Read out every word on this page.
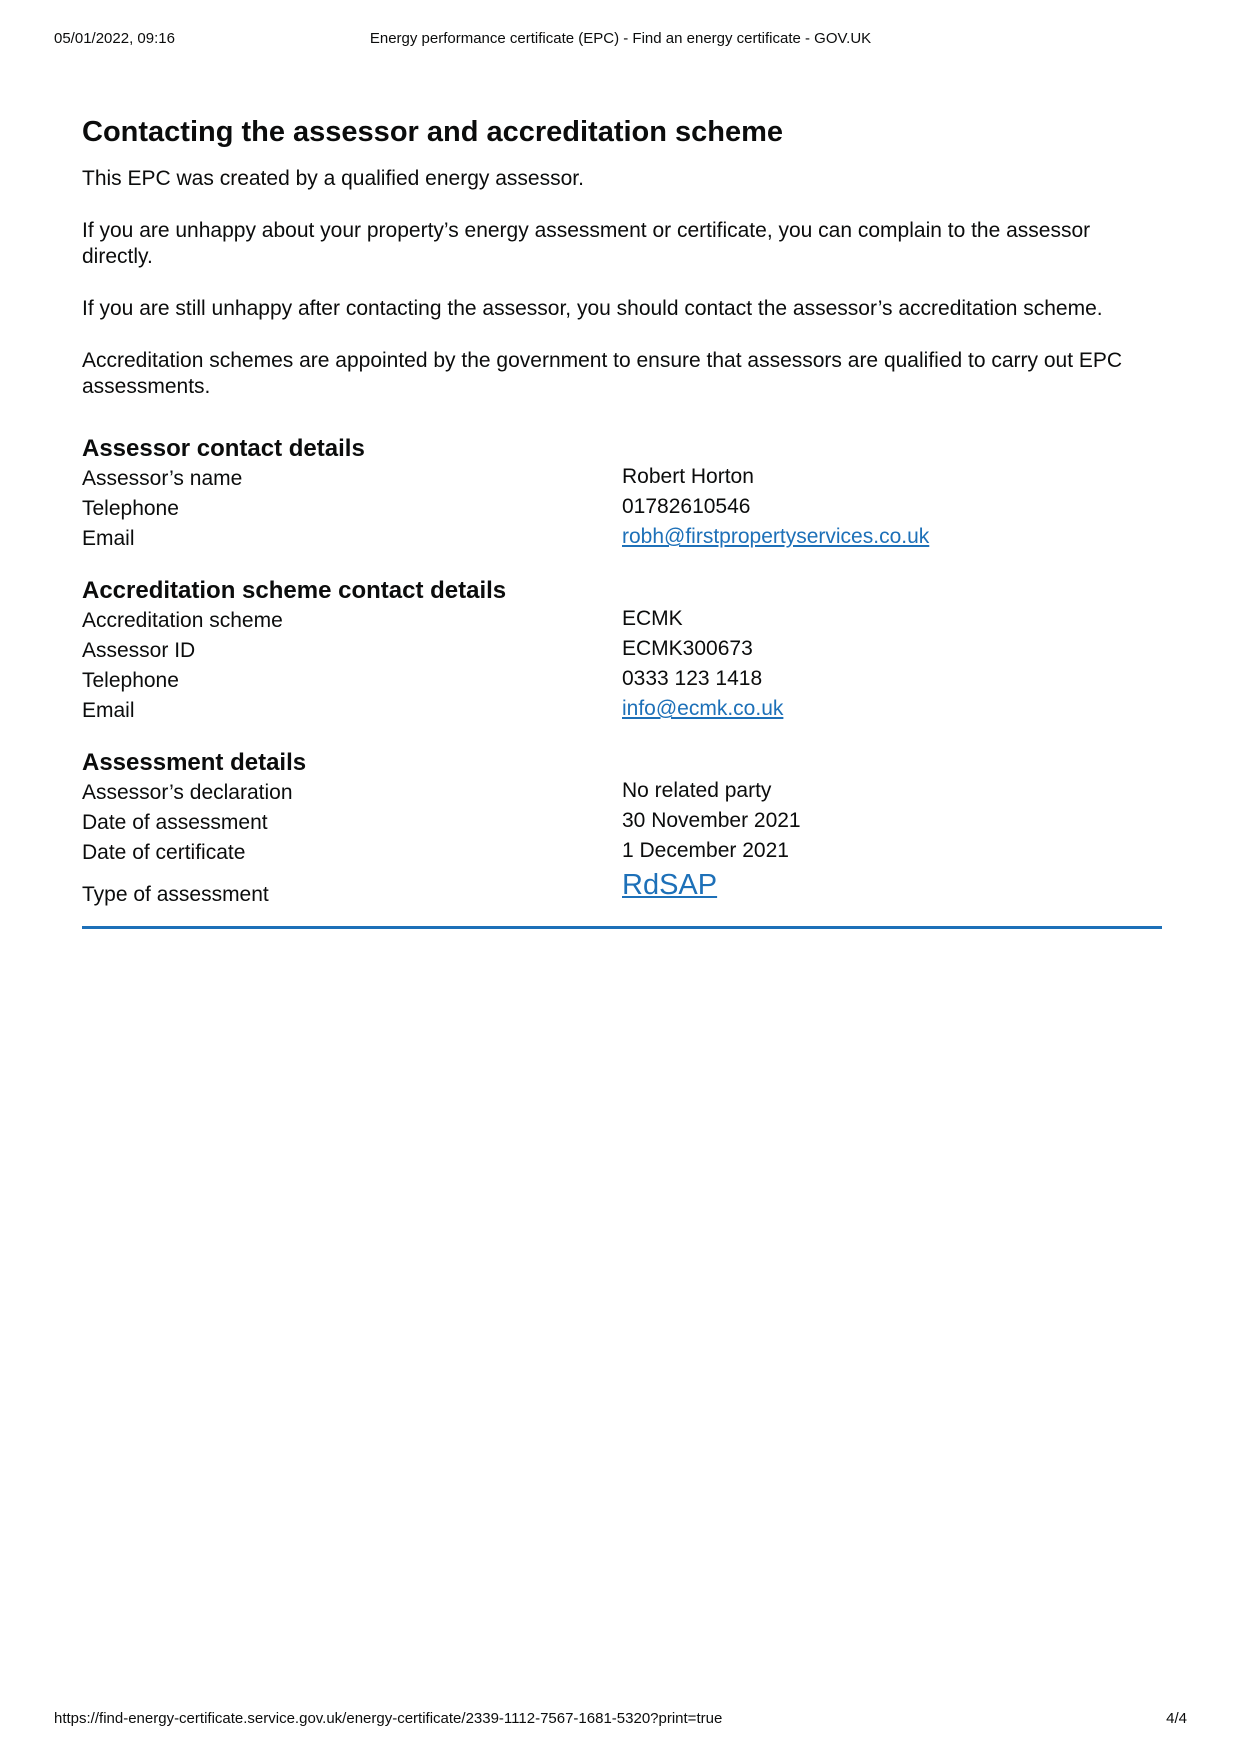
05/01/2022, 09:16	Energy performance certificate (EPC) - Find an energy certificate - GOV.UK
Contacting the assessor and accreditation scheme

This EPC was created by a qualified energy assessor.

If you are unhappy about your property’s energy assessment or certificate, you can complain to the assessor directly.

If you are still unhappy after contacting the assessor, you should contact the assessor’s accreditation scheme.

Accreditation schemes are appointed by the government to ensure that assessors are qualified to carry out EPC assessments.

Assessor contact details
Assessor’s name	Robert Horton
Telephone	01782610546
Email	robh@firstpropertyservices.co.uk
Accreditation scheme contact details
Accreditation scheme	ECMK
Assessor ID	ECMK300673
Telephone	0333 123 1418
Email	info@ecmk.co.uk
Assessment details
Assessor’s declaration	No related party
Date of assessment	30 November 2021
Date of certificate	1 December 2021
Type of assessment	RdSAP
https://find-energy-certificate.service.gov.uk/energy-certificate/2339-1112-7567-1681-5320?print=true	4/4
